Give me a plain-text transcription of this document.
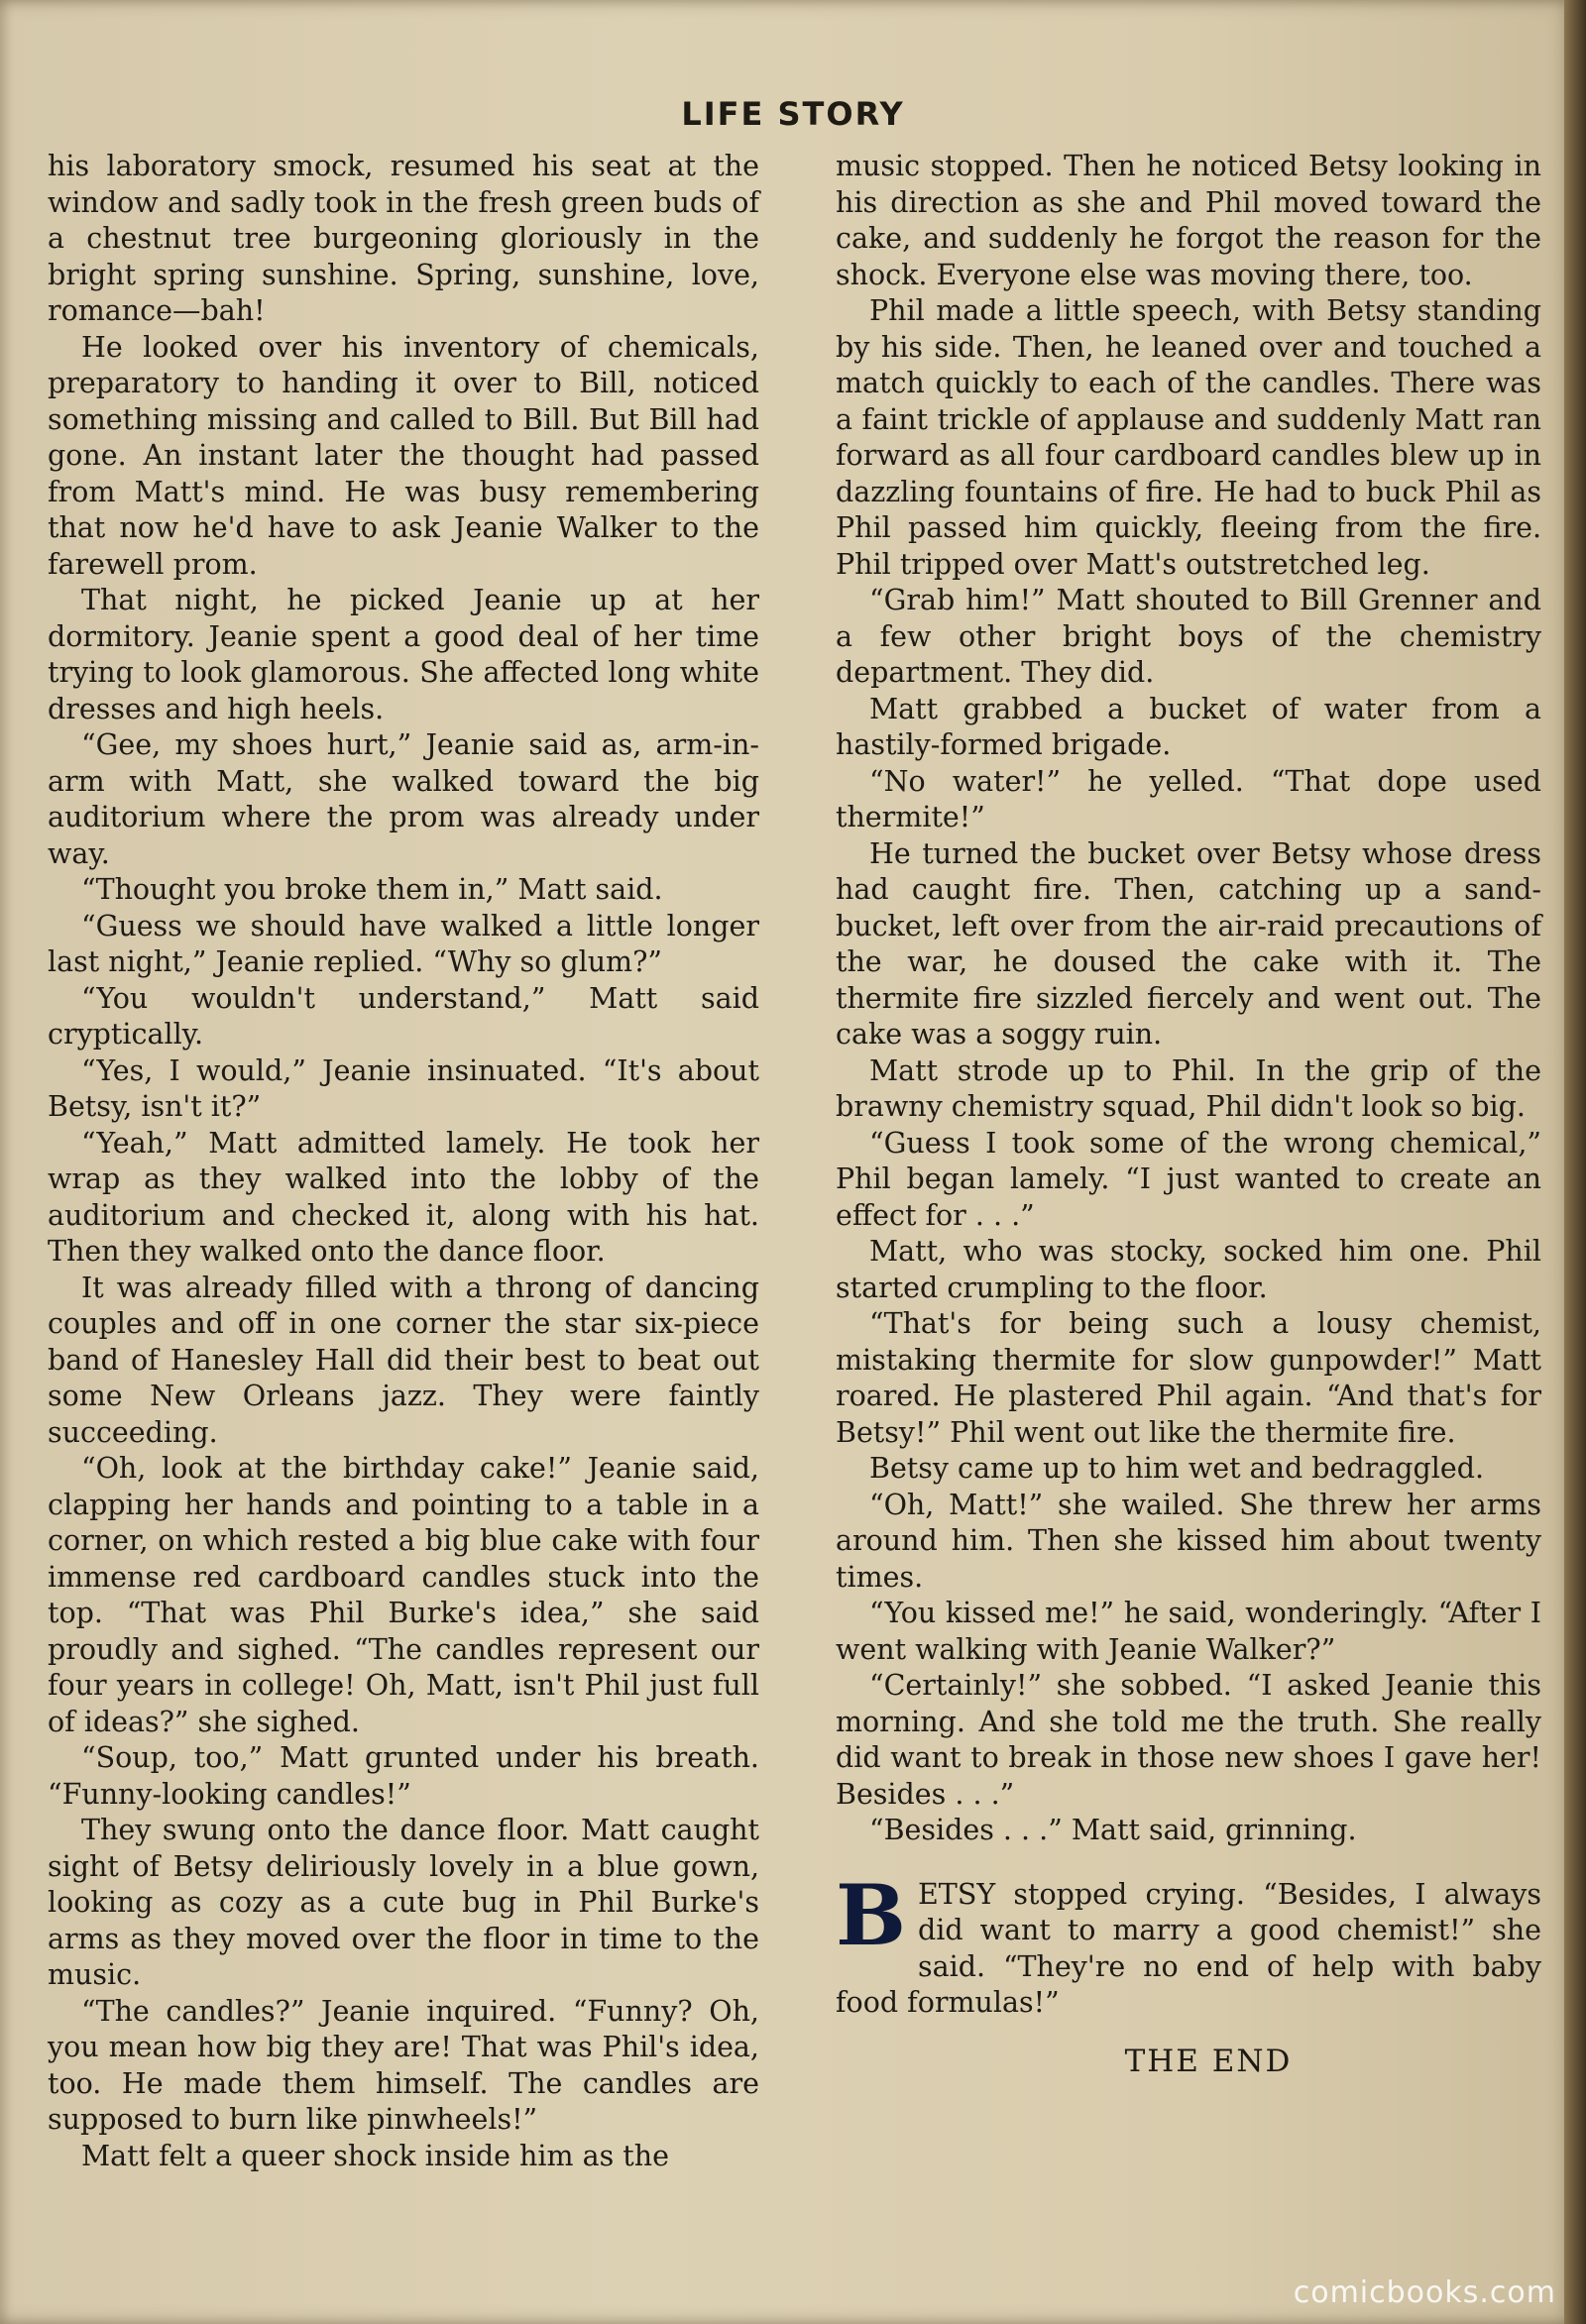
LIFE STORY

his laboratory smock, resumed his seat at the window and sadly took in the fresh green buds of a chestnut tree burgeoning gloriously in the bright spring sunshine. Spring, sunshine, love, romance—bah!

He looked over his inventory of chemicals, preparatory to handing it over to Bill, noticed something missing and called to Bill. But Bill had gone. An instant later the thought had passed from Matt's mind. He was busy remembering that now he'd have to ask Jeanie Walker to the farewell prom.

That night, he picked Jeanie up at her dormitory. Jeanie spent a good deal of her time trying to look glamorous. She affected long white dresses and high heels.

“Gee, my shoes hurt,” Jeanie said as, arm-in-arm with Matt, she walked toward the big auditorium where the prom was already under way.

“Thought you broke them in,” Matt said.

“Guess we should have walked a little longer last night,” Jeanie replied. “Why so glum?”

“You wouldn't understand,” Matt said cryptically.

“Yes, I would,” Jeanie insinuated. “It's about Betsy, isn't it?”

“Yeah,” Matt admitted lamely. He took her wrap as they walked into the lobby of the auditorium and checked it, along with his hat. Then they walked onto the dance floor.

It was already filled with a throng of dancing couples and off in one corner the star six-piece band of Hanesley Hall did their best to beat out some New Orleans jazz. They were faintly succeeding.

“Oh, look at the birthday cake!” Jeanie said, clapping her hands and pointing to a table in a corner, on which rested a big blue cake with four immense red cardboard candles stuck into the top. “That was Phil Burke's idea,” she said proudly and sighed. “The candles represent our four years in college! Oh, Matt, isn't Phil just full of ideas?” she sighed.

“Soup, too,” Matt grunted under his breath. “Funny-looking candles!”

They swung onto the dance floor. Matt caught sight of Betsy deliriously lovely in a blue gown, looking as cozy as a cute bug in Phil Burke's arms as they moved over the floor in time to the music.

“The candles?” Jeanie inquired. “Funny? Oh, you mean how big they are! That was Phil's idea, too. He made them himself. The candles are supposed to burn like pinwheels!”

Matt felt a queer shock inside him as the

music stopped. Then he noticed Betsy looking in his direction as she and Phil moved toward the cake, and suddenly he forgot the reason for the shock. Everyone else was moving there, too.

Phil made a little speech, with Betsy standing by his side. Then, he leaned over and touched a match quickly to each of the candles. There was a faint trickle of applause and suddenly Matt ran forward as all four cardboard candles blew up in dazzling fountains of fire. He had to buck Phil as Phil passed him quickly, fleeing from the fire. Phil tripped over Matt's outstretched leg.

“Grab him!” Matt shouted to Bill Grenner and a few other bright boys of the chemistry department. They did.

Matt grabbed a bucket of water from a hastily-formed brigade.

“No water!” he yelled. “That dope used thermite!”

He turned the bucket over Betsy whose dress had caught fire. Then, catching up a sand-bucket, left over from the air-raid precautions of the war, he doused the cake with it. The thermite fire sizzled fiercely and went out. The cake was a soggy ruin.

Matt strode up to Phil. In the grip of the brawny chemistry squad, Phil didn't look so big.

“Guess I took some of the wrong chemical,” Phil began lamely. “I just wanted to create an effect for . . .”

Matt, who was stocky, socked him one. Phil started crumpling to the floor.

“That's for being such a lousy chemist, mistaking thermite for slow gunpowder!” Matt roared. He plastered Phil again. “And that's for Betsy!” Phil went out like the thermite fire.

Betsy came up to him wet and bedraggled.

“Oh, Matt!” she wailed. She threw her arms around him. Then she kissed him about twenty times.

“You kissed me!” he said, wonderingly. “After I went walking with Jeanie Walker?”

“Certainly!” she sobbed. “I asked Jeanie this morning. And she told me the truth. She really did want to break in those new shoes I gave her! Besides . . .”

“Besides . . .” Matt said, grinning.

BETSY stopped crying. “Besides, I always did want to marry a good chemist!” she said. “They're no end of help with baby food formulas!”

THE END
comicbooks.com
